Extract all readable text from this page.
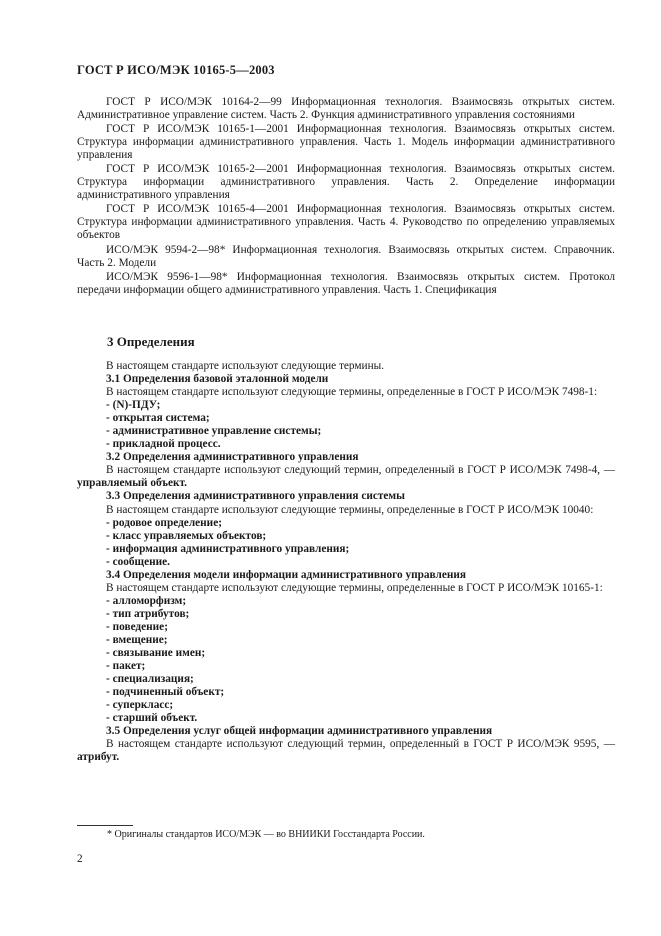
ГОСТ Р ИСО/МЭК 10165-5—2003

ГОСТ Р ИСО/МЭК 10164-2—99 Информационная технология. Взаимосвязь открытых систем. Административное управление систем. Часть 2. Функция административного управления состояниями

ГОСТ Р ИСО/МЭК 10165-1—2001 Информационная технология. Взаимосвязь открытых систем. Структура информации административного управления. Часть 1. Модель информации административного управления

ГОСТ Р ИСО/МЭК 10165-2—2001 Информационная технология. Взаимосвязь открытых систем. Структура информации административного управления. Часть 2. Определение информации административного управления

ГОСТ Р ИСО/МЭК 10165-4—2001 Информационная технология. Взаимосвязь открытых систем. Структура информации административного управления. Часть 4. Руководство по определению управляемых объектов

ИСО/МЭК 9594-2—98* Информационная технология. Взаимосвязь открытых систем. Справочник. Часть 2. Модели

ИСО/МЭК 9596-1—98* Информационная технология. Взаимосвязь открытых систем. Протокол передачи информации общего административного управления. Часть 1. Спецификация

3 Определения

В настоящем стандарте используют следующие термины.

3.1 Определения базовой эталонной модели

В настоящем стандарте используют следующие термины, определенные в ГОСТ Р ИСО/МЭК 7498-1:

- (N)-ПДУ;

- открытая система;

- административное управление системы;

- прикладной процесс.

3.2 Определения административного управления

В настоящем стандарте используют следующий термин, определенный в ГОСТ Р ИСО/МЭК 7498-4, — управляемый объект.

3.3 Определения административного управления системы

В настоящем стандарте используют следующие термины, определенные в ГОСТ Р ИСО/МЭК 10040:

- родовое определение;

- класс управляемых объектов;

- информация административного управления;

- сообщение.

3.4 Определения модели информации административного управления

В настоящем стандарте используют следующие термины, определенные в ГОСТ Р ИСО/МЭК 10165-1:

- алломорфизм;

- тип атрибутов;

- поведение;

- вмещение;

- связывание имен;

- пакет;

- специализация;

- подчиненный объект;

- суперкласс;

- старший объект.

3.5 Определения услуг общей информации административного управления

В настоящем стандарте используют следующий термин, определенный в ГОСТ Р ИСО/МЭК 9595, — атрибут.

* Оригиналы стандартов ИСО/МЭК — во ВНИИКИ Госстандарта России.
2
